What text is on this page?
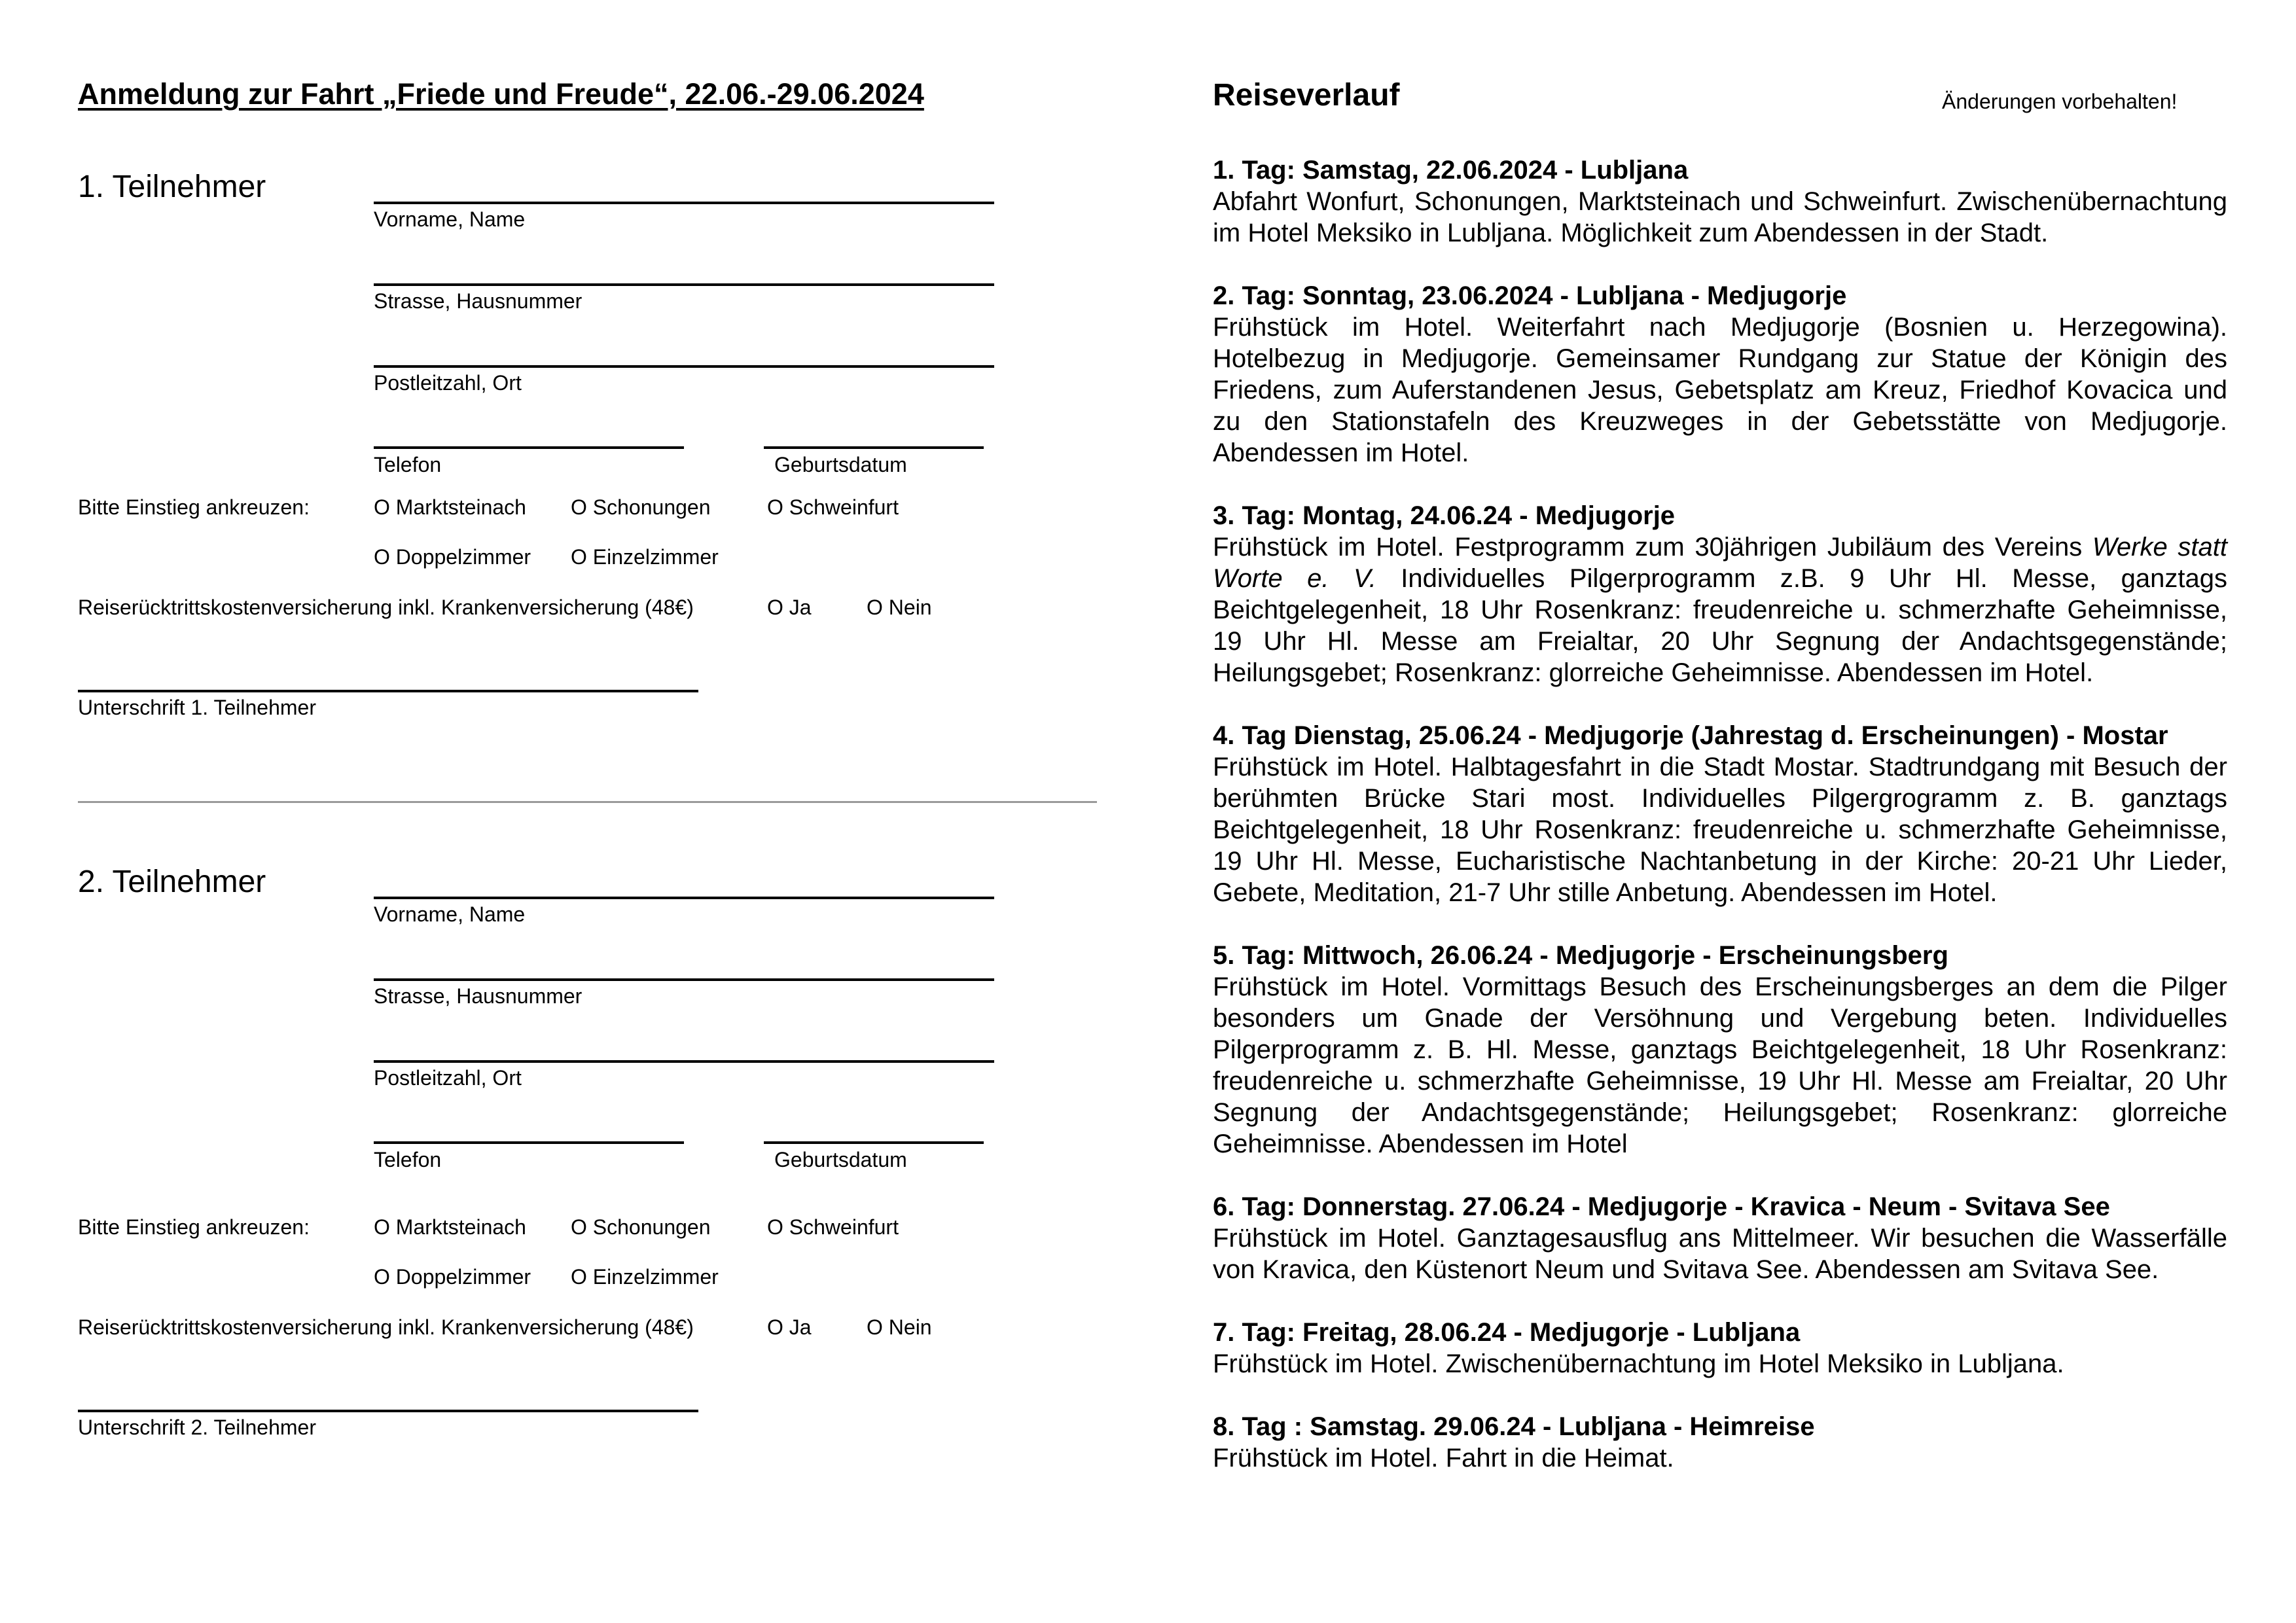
Anmeldung zur Fahrt „Friede und Freude“, 22.06.-29.06.2024
1. Teilnehmer
Vorname, Name
Strasse, Hausnummer
Postleitzahl, Ort
Telefon	Geburtsdatum
Bitte Einstieg ankreuzen:	O Marktsteinach O Schonungen	O Schweinfurt
O Doppelzimmer O Einzelzimmer
Reiserücktrittskostenversicherung inkl. Krankenversicherung (48€)	O Ja	O Nein
Unterschrift 1. Teilnehmer
2. Teilnehmer
Vorname, Name
Strasse, Hausnummer
Postleitzahl, Ort
Telefon	Geburtsdatum
Bitte Einstieg ankreuzen:	O Marktsteinach O Schonungen	O Schweinfurt
O Doppelzimmer O Einzelzimmer
Reiserücktrittskostenversicherung inkl. Krankenversicherung (48€)	O Ja	O Nein
Unterschrift 2. Teilnehmer
Reiseverlauf	Änderungen vorbehalten!
1. Tag: Samstag, 22.06.2024 - Lubljana
Abfahrt Wonfurt, Schonungen, Marktsteinach und Schweinfurt. Zwischenübernachtung im Hotel Meksiko in Lubljana. Möglichkeit zum Abendessen in der Stadt.
2. Tag: Sonntag, 23.06.2024 - Lubljana - Medjugorje
Frühstück im Hotel. Weiterfahrt nach Medjugorje (Bosnien u. Herzegowina). Hotelbezug in Medjugorje. Gemeinsamer Rundgang zur Statue der Königin des Friedens, zum Auferstandenen Jesus, Gebetsplatz am Kreuz, Friedhof Kovacica und zu den Stationstafeln des Kreuzweges in der Gebetsstätte von Medjugorje. Abendessen im Hotel.
3. Tag: Montag, 24.06.24 - Medjugorje
Frühstück im Hotel. Festprogramm zum 30jährigen Jubiläum des Vereins Werke statt Worte e. V. Individuelles Pilgerprogramm z.B. 9 Uhr Hl. Messe, ganztags Beichtgelegenheit, 18 Uhr Rosenkranz: freudenreiche u. schmerzhafte Geheimnisse, 19 Uhr Hl. Messe am Freialtar, 20 Uhr Segnung der Andachtsgegenstände; Heilungsgebet; Rosenkranz: glorreiche Geheimnisse. Abendessen im Hotel.
4. Tag Dienstag, 25.06.24 - Medjugorje (Jahrestag d. Erscheinungen) - Mostar
Frühstück im Hotel. Halbtagesfahrt in die Stadt Mostar. Stadtrundgang mit Besuch der berühmten Brücke Stari most. Individuelles Pilgergrogramm z. B. ganztags Beichtgelegenheit, 18 Uhr Rosenkranz: freudenreiche u. schmerzhafte Geheimnisse, 19 Uhr Hl. Messe, Eucharistische Nachtanbetung in der Kirche: 20-21 Uhr Lieder, Gebete, Meditation, 21-7 Uhr stille Anbetung. Abendessen im Hotel.
5. Tag: Mittwoch, 26.06.24 - Medjugorje - Erscheinungsberg
Frühstück im Hotel. Vormittags Besuch des Erscheinungsberges an dem die Pilger besonders um Gnade der Versöhnung und Vergebung beten. Individuelles Pilgerprogramm z. B. Hl. Messe, ganztags Beichtgelegenheit, 18 Uhr Rosenkranz: freudenreiche u. schmerzhafte Geheimnisse, 19 Uhr Hl. Messe am Freialtar, 20 Uhr Segnung der Andachtsgegenstände; Heilungsgebet; Rosenkranz: glorreiche Geheimnisse. Abendessen im Hotel
6. Tag: Donnerstag. 27.06.24 - Medjugorje - Kravica - Neum - Svitava See
Frühstück im Hotel. Ganztagesausflug ans Mittelmeer. Wir besuchen die Wasserfälle von Kravica, den Küstenort Neum und Svitava See. Abendessen am Svitava See.
7. Tag: Freitag, 28.06.24 - Medjugorje - Lubljana
Frühstück im Hotel. Zwischenübernachtung im Hotel Meksiko in Lubljana.
8. Tag : Samstag. 29.06.24 - Lubljana - Heimreise
Frühstück im Hotel. Fahrt in die Heimat.
